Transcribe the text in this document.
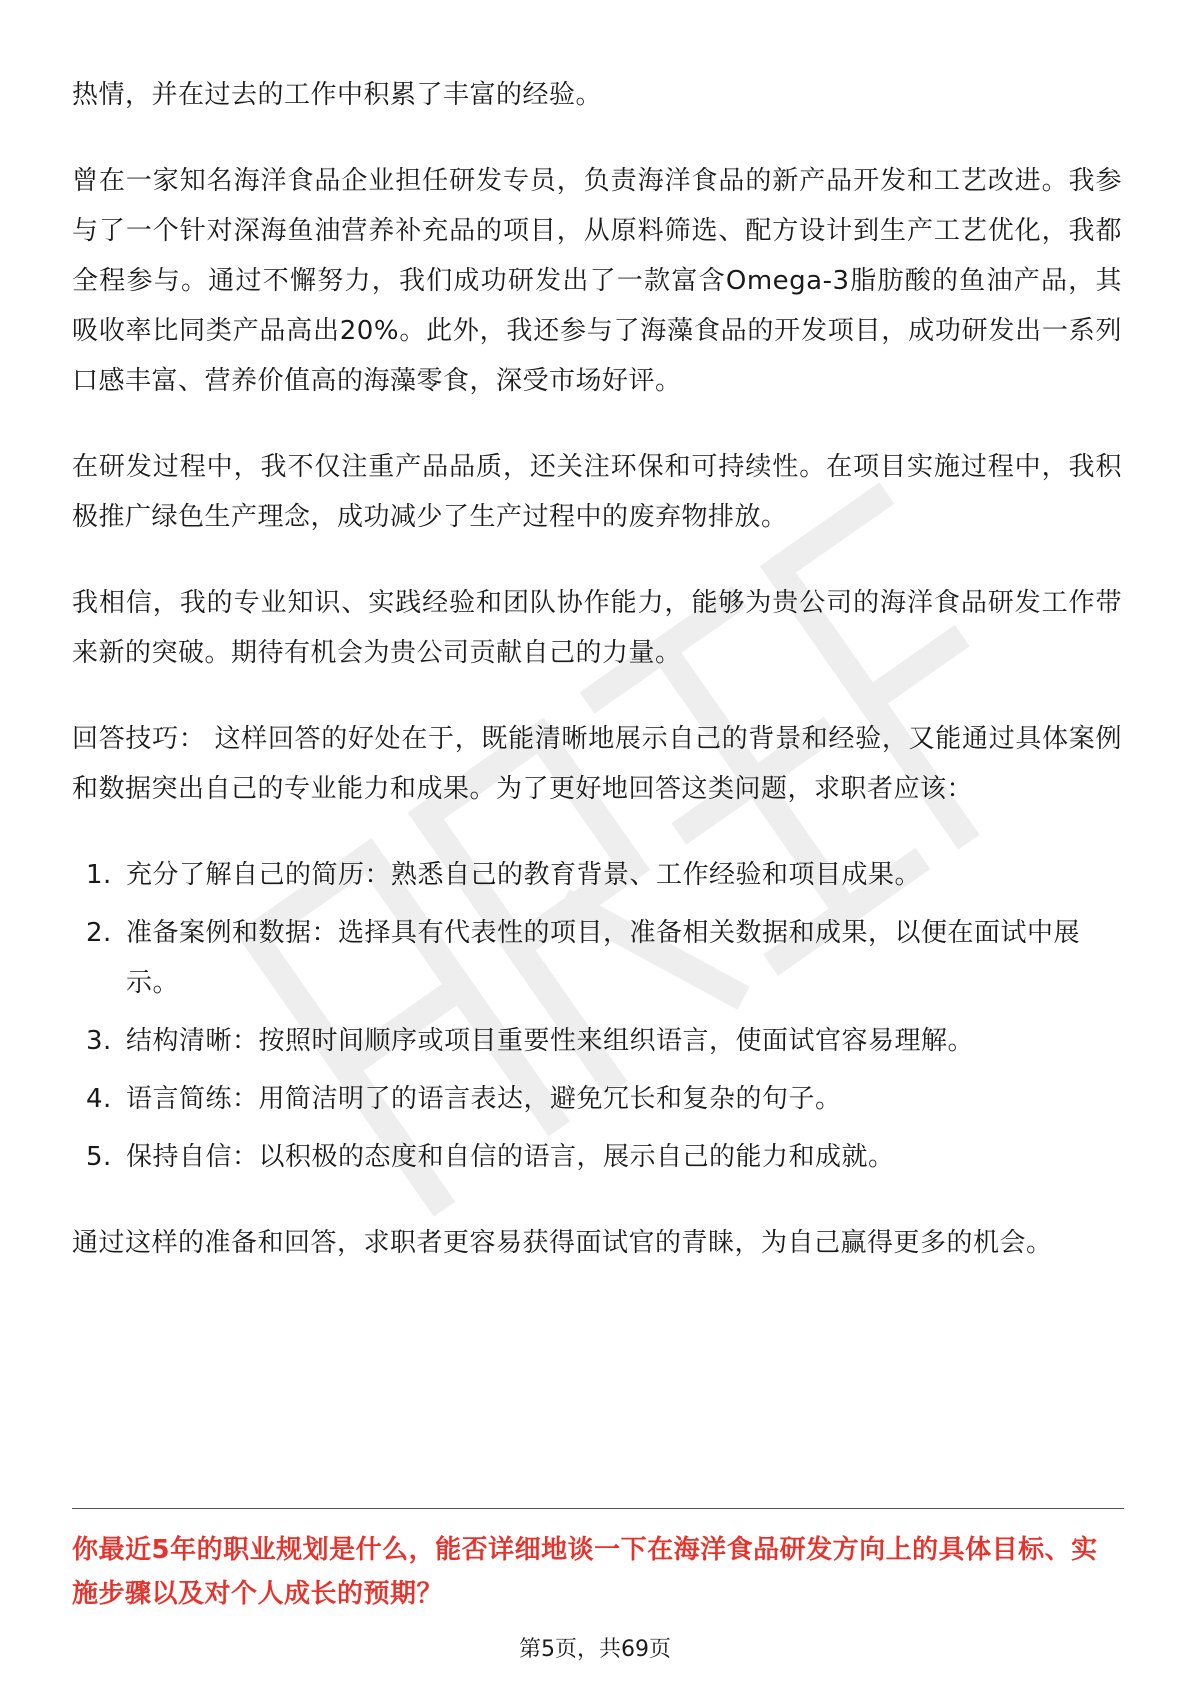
热情，并在过去的工作中积累了丰富的经验。

曾在一家知名海洋食品企业担任研发专员，负责海洋食品的新产品开发和工艺改进。我参与了一个针对深海鱼油营养补充品的项目，从原料筛选、配方设计到生产工艺优化，我都全程参与。通过不懈努力，我们成功研发出了一款富含Omega-3脂肪酸的鱼油产品，其吸收率比同类产品高出20%。此外，我还参与了海藻食品的开发项目，成功研发出一系列口感丰富、营养价值高的海藻零食，深受市场好评。

在研发过程中，我不仅注重产品品质，还关注环保和可持续性。在项目实施过程中，我积极推广绿色生产理念，成功减少了生产过程中的废弃物排放。

我相信，我的专业知识、实践经验和团队协作能力，能够为贵公司的海洋食品研发工作带来新的突破。期待有机会为贵公司贡献自己的力量。

回答技巧： 这样回答的好处在于，既能清晰地展示自己的背景和经验，又能通过具体案例和数据突出自己的专业能力和成果。为了更好地回答这类问题，求职者应该：

1. 充分了解自己的简历：熟悉自己的教育背景、工作经验和项目成果。
2. 准备案例和数据：选择具有代表性的项目，准备相关数据和成果，以便在面试中展示。
3. 结构清晰：按照时间顺序或项目重要性来组织语言，使面试官容易理解。
4. 语言简练：用简洁明了的语言表达，避免冗长和复杂的句子。
5. 保持自信：以积极的态度和自信的语言，展示自己的能力和成就。

通过这样的准备和回答，求职者更容易获得面试官的青睐，为自己赢得更多的机会。

你最近5年的职业规划是什么，能否详细地谈一下在海洋食品研发方向上的具体目标、实施步骤以及对个人成长的预期？
第5页，共69页
